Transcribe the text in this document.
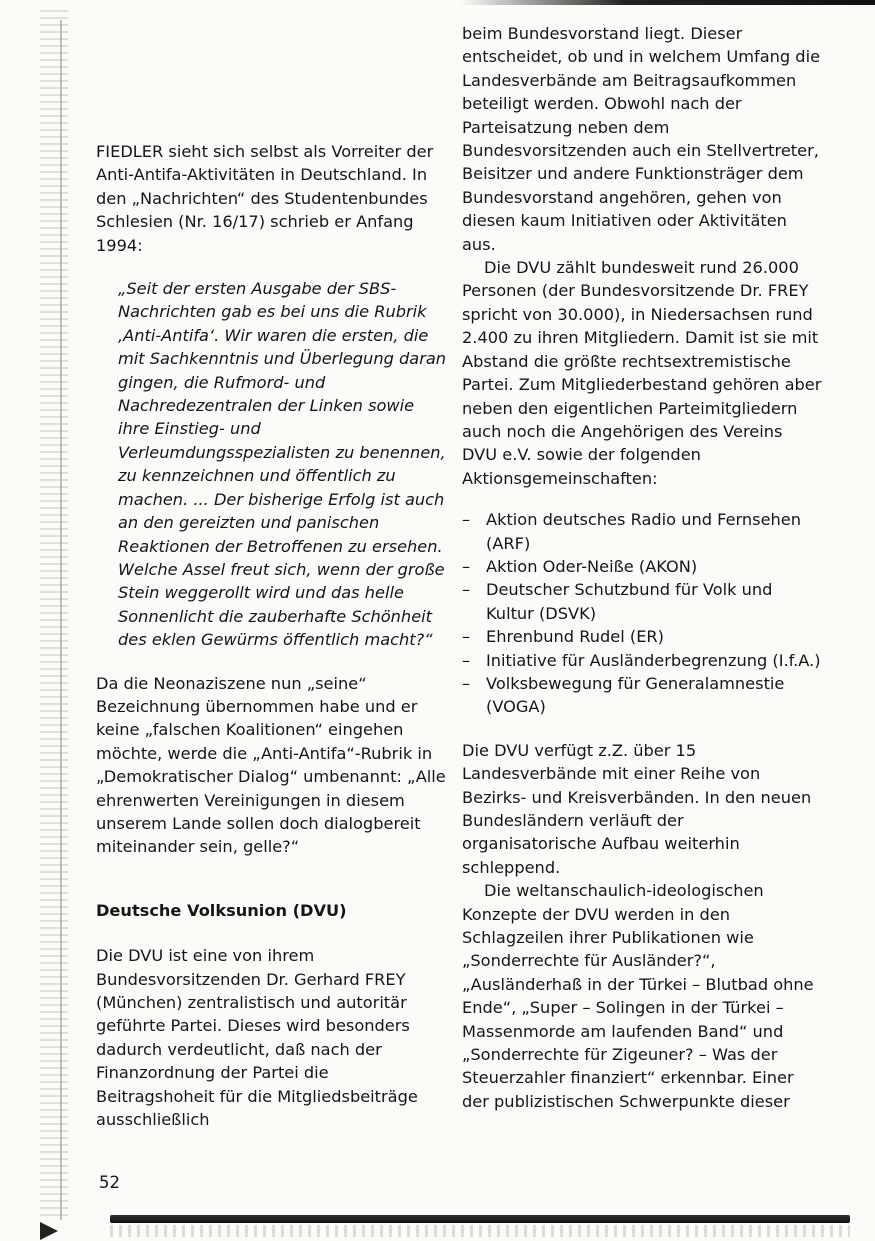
FIEDLER sieht sich selbst als Vorreiter der Anti-Antifa-Aktivitäten in Deutschland. In den „Nachrichten“ des Studentenbundes Schlesien (Nr. 16/17) schrieb er Anfang 1994:

„Seit der ersten Ausgabe der SBS-Nachrichten gab es bei uns die Rubrik ‚Anti-Antifa‘. Wir waren die ersten, die mit Sachkenntnis und Überlegung daran gingen, die Rufmord- und Nachredezentralen der Linken sowie ihre Einstieg- und Verleumdungsspezialisten zu benennen, zu kennzeichnen und öffentlich zu machen. ... Der bisherige Erfolg ist auch an den gereizten und panischen Reaktionen der Betroffenen zu ersehen. Welche Assel freut sich, wenn der große Stein weggerollt wird und das helle Sonnenlicht die zauberhafte Schönheit des eklen Gewürms öffentlich macht?“

Da die Neonaziszene nun „seine“ Bezeichnung übernommen habe und er keine „falschen Koalitionen“ eingehen möchte, werde die „Anti-Antifa“-Rubrik in „Demokratischer Dialog“ umbenannt: „Alle ehrenwerten Vereinigungen in diesem unserem Lande sollen doch dialogbereit miteinander sein, gelle?“

Deutsche Volksunion (DVU)

Die DVU ist eine von ihrem Bundesvorsitzenden Dr. Gerhard FREY (München) zentralistisch und autoritär geführte Partei. Dieses wird besonders dadurch verdeutlicht, daß nach der Finanzordnung der Partei die Beitragshoheit für die Mitgliedsbeiträge ausschließlich

beim Bundesvorstand liegt. Dieser entscheidet, ob und in welchem Umfang die Landesverbände am Beitragsaufkommen beteiligt werden. Obwohl nach der Parteisatzung neben dem Bundesvorsitzenden auch ein Stellvertreter, Beisitzer und andere Funktionsträger dem Bundesvorstand angehören, gehen von diesen kaum Initiativen oder Aktivitäten aus.

Die DVU zählt bundesweit rund 26.000 Personen (der Bundesvorsitzende Dr. FREY spricht von 30.000), in Niedersachsen rund 2.400 zu ihren Mitgliedern. Damit ist sie mit Abstand die größte rechtsextremistische Partei. Zum Mitgliederbestand gehören aber neben den eigentlichen Parteimitgliedern auch noch die Angehörigen des Vereins DVU e.V. sowie der folgenden Aktionsgemeinschaften:

– Aktion deutsches Radio und Fernsehen (ARF)
– Aktion Oder-Neiße (AKON)
– Deutscher Schutzbund für Volk und Kultur (DSVK)
– Ehrenbund Rudel (ER)
– Initiative für Ausländerbegrenzung (I.f.A.)
– Volksbewegung für Generalamnestie (VOGA)

Die DVU verfügt z.Z. über 15 Landesverbände mit einer Reihe von Bezirks- und Kreisverbänden. In den neuen Bundesländern verläuft der organisatorische Aufbau weiterhin schleppend.

Die weltanschaulich-ideologischen Konzepte der DVU werden in den Schlagzeilen ihrer Publikationen wie „Sonderrechte für Ausländer?“, „Ausländerhaß in der Türkei – Blutbad ohne Ende“, „Super – Solingen in der Türkei – Massenmorde am laufenden Band“ und „Sonderrechte für Zigeuner? – Was der Steuerzahler finanziert“ erkennbar. Einer der publizistischen Schwerpunkte dieser

52
